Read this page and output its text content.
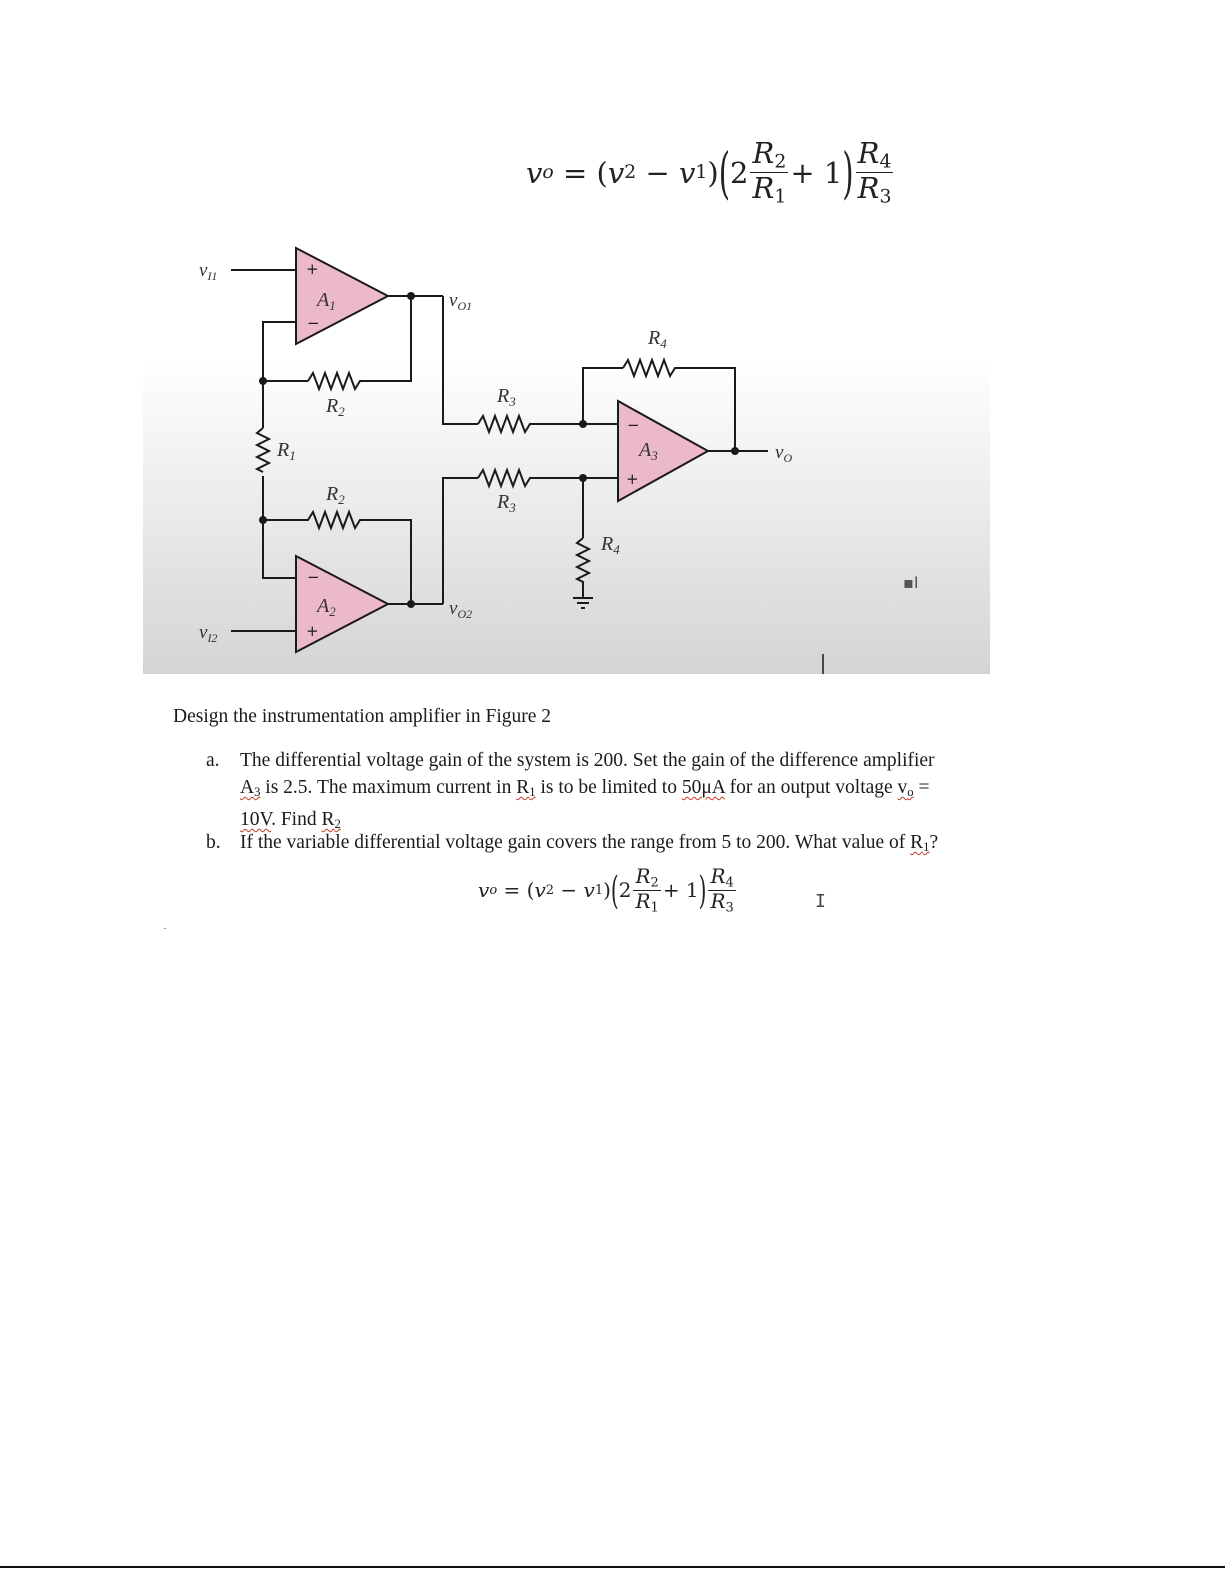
v o
=
( v 2
−
v 1 ) ( $2 \frac{R_2}{R_1} + 1$ ) $\frac{R_4}{R_3}$
$v_{I1}$
$v_{I2}$
$v_{O1}$
$v_{O2}$
$v_O$
$A_1$
$A_2$
$A_3$
$R_1$
$R_2$
$R_2$
$R_3$
$R_3$
$R_4$
$R_4$
+
−
−
+
−
+
▪I
Design the instrumentation amplifier in Figure 2
a. The differential voltage gain of the system is 200. Set the gain of the difference amplifier
$A_3$ is 2.5. The maximum current in $R_1$ is to be limited to 50μA for an output voltage $v_o$ =
10V. Find $R_2$
b. If the variable differential voltage gain covers the range from 5 to 200. What value of $R_1$?
v o
=
( v 2
−
v 1 ) ( $2 \frac{R_2}{R_1} + 1$ ) $\frac{R_4}{R_3}$	I
